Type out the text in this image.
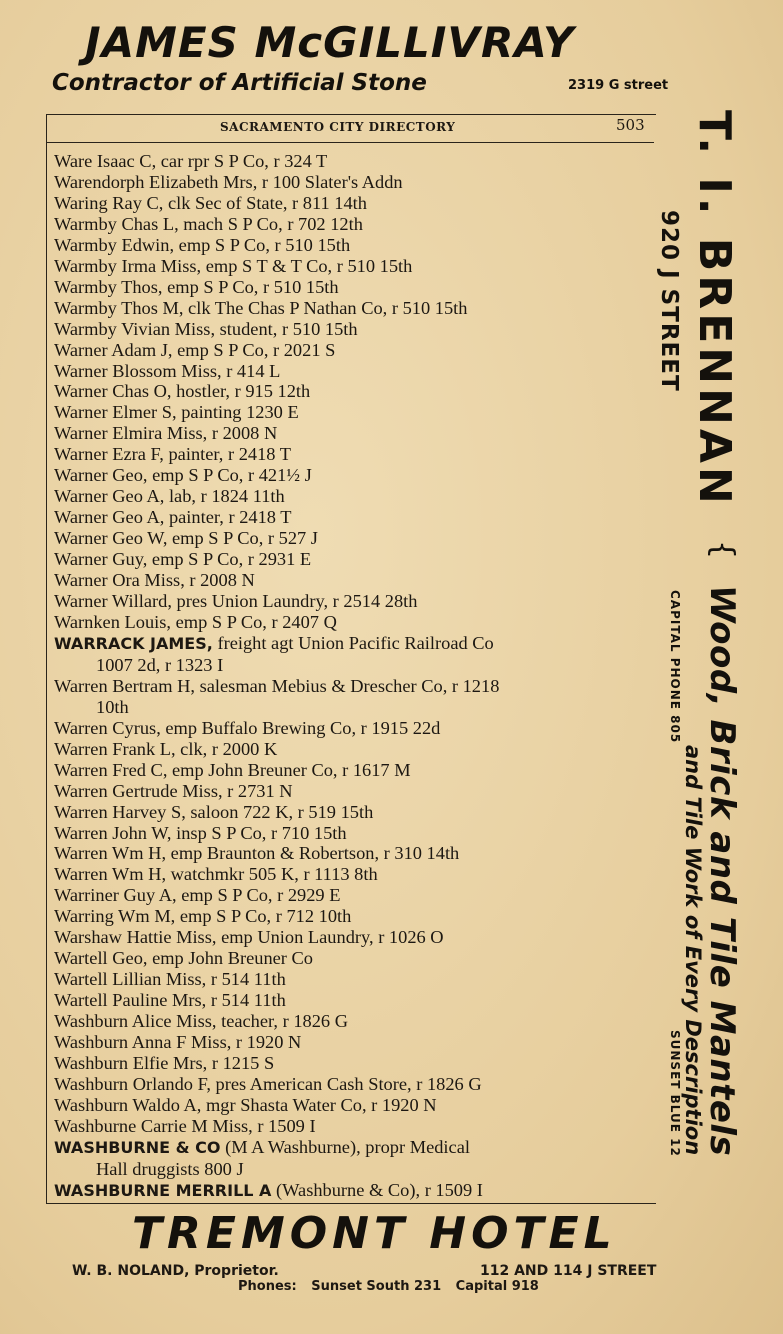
JAMES McGILLIVRAY
Contractor of Artificial Stone	2319 G street
SACRAMENTO CITY DIRECTORY	503
Ware Isaac C, car rpr S P Co, r 324 T
Warendorph Elizabeth Mrs, r 100 Slater's Addn
Waring Ray C, clk Sec of State, r 811 14th
Warmby Chas L, mach S P Co, r 702 12th
Warmby Edwin, emp S P Co, r 510 15th
Warmby Irma Miss, emp S T & T Co, r 510 15th
Warmby Thos, emp S P Co, r 510 15th
Warmby Thos M, clk The Chas P Nathan Co, r 510 15th
Warmby Vivian Miss, student, r 510 15th
Warner Adam J, emp S P Co, r 2021 S
Warner Blossom Miss, r 414 L
Warner Chas O, hostler, r 915 12th
Warner Elmer S, painting 1230 E
Warner Elmira Miss, r 2008 N
Warner Ezra F, painter, r 2418 T
Warner Geo, emp S P Co, r 421½ J
Warner Geo A, lab, r 1824 11th
Warner Geo A, painter, r 2418 T
Warner Geo W, emp S P Co, r 527 J
Warner Guy, emp S P Co, r 2931 E
Warner Ora Miss, r 2008 N
Warner Willard, pres Union Laundry, r 2514 28th
Warnken Louis, emp S P Co, r 2407 Q
WARRACK JAMES, freight agt Union Pacific Railroad Co
1007 2d, r 1323 I
Warren Bertram H, salesman Mebius & Drescher Co, r 1218
10th
Warren Cyrus, emp Buffalo Brewing Co, r 1915 22d
Warren Frank L, clk, r 2000 K
Warren Fred C, emp John Breuner Co, r 1617 M
Warren Gertrude Miss, r 2731 N
Warren Harvey S, saloon 722 K, r 519 15th
Warren John W, insp S P Co, r 710 15th
Warren Wm H, emp Braunton & Robertson, r 310 14th
Warren Wm H, watchmkr 505 K, r 1113 8th
Warriner Guy A, emp S P Co, r 2929 E
Warring Wm M, emp S P Co, r 712 10th
Warshaw Hattie Miss, emp Union Laundry, r 1026 O
Wartell Geo, emp John Breuner Co
Wartell Lillian Miss, r 514 11th
Wartell Pauline Mrs, r 514 11th
Washburn Alice Miss, teacher, r 1826 G
Washburn Anna F Miss, r 1920 N
Washburn Elfie Mrs, r 1215 S
Washburn Orlando F, pres American Cash Store, r 1826 G
Washburn Waldo A, mgr Shasta Water Co, r 1920 N
Washburne Carrie M Miss, r 1509 I
WASHBURNE & CO (M A Washburne), propr Medical
Hall druggists 800 J
WASHBURNE MERRILL A (Washburne & Co), r 1509 I
T. I. BRENNAN
920 J STREET
{
Wood, Brick and Tile Mantels
and Tile Work of Every Description
CAPITAL PHONE 805
SUNSET BLUE 12
TREMONT HOTEL
W. B. NOLAND, Proprietor.	112 AND 114 J STREET
Phones: Sunset South 231 Capital 918
